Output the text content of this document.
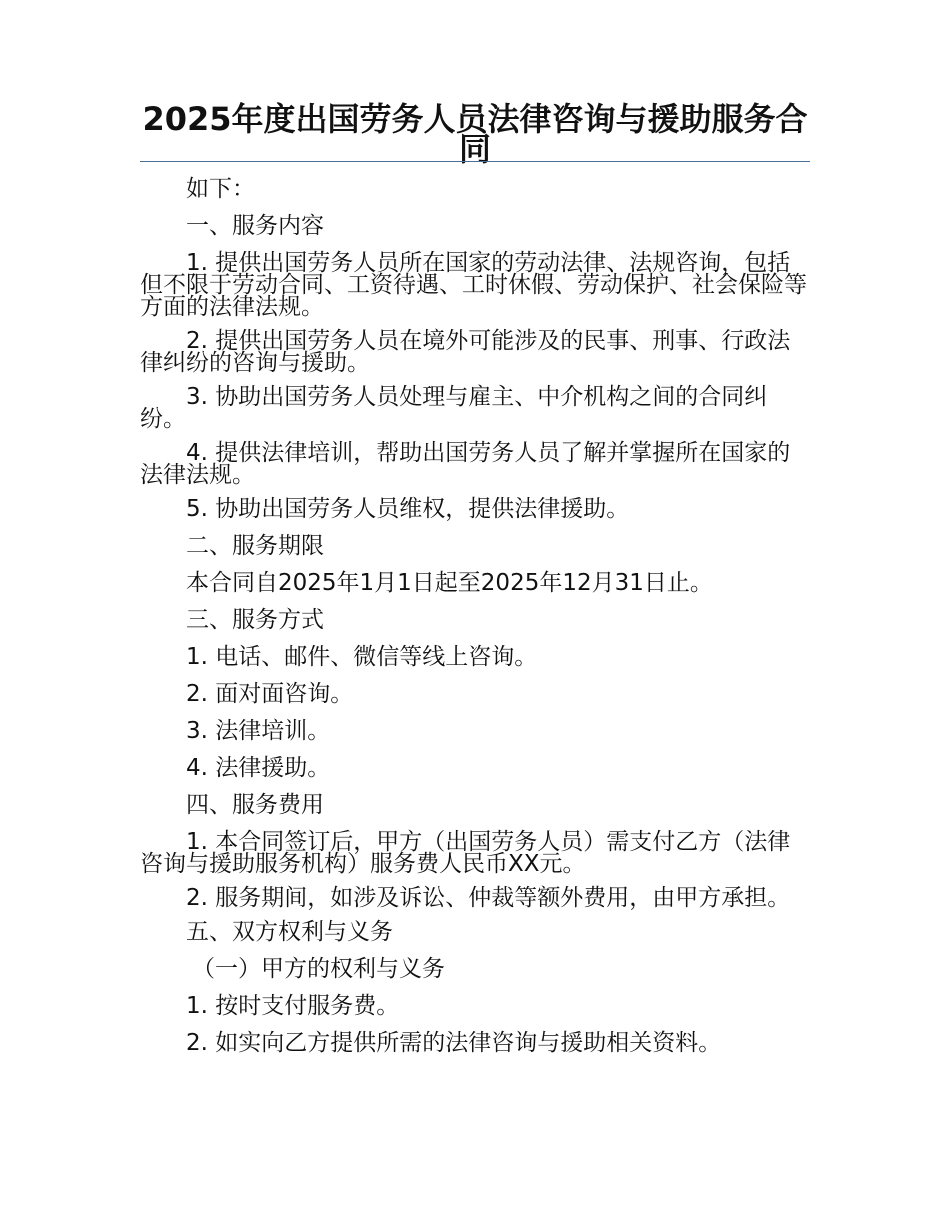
2025年度出国劳务人员法律咨询与援助服务合同

如下：

一、服务内容

1. 提供出国劳务人员所在国家的劳动法律、法规咨询，包括但不限于劳动合同、工资待遇、工时休假、劳动保护、社会保险等方面的法律法规。

2. 提供出国劳务人员在境外可能涉及的民事、刑事、行政法律纠纷的咨询与援助。

3. 协助出国劳务人员处理与雇主、中介机构之间的合同纠纷。

4. 提供法律培训，帮助出国劳务人员了解并掌握所在国家的法律法规。

5. 协助出国劳务人员维权，提供法律援助。

二、服务期限

本合同自2025年1月1日起至2025年12月31日止。

三、服务方式

1. 电话、邮件、微信等线上咨询。

2. 面对面咨询。

3. 法律培训。

4. 法律援助。

四、服务费用

1. 本合同签订后，甲方（出国劳务人员）需支付乙方（法律咨询与援助服务机构）服务费人民币XX元。

2. 服务期间，如涉及诉讼、仲裁等额外费用，由甲方承担。

五、双方权利与义务

（一）甲方的权利与义务

1. 按时支付服务费。

2. 如实向乙方提供所需的法律咨询与援助相关资料。
